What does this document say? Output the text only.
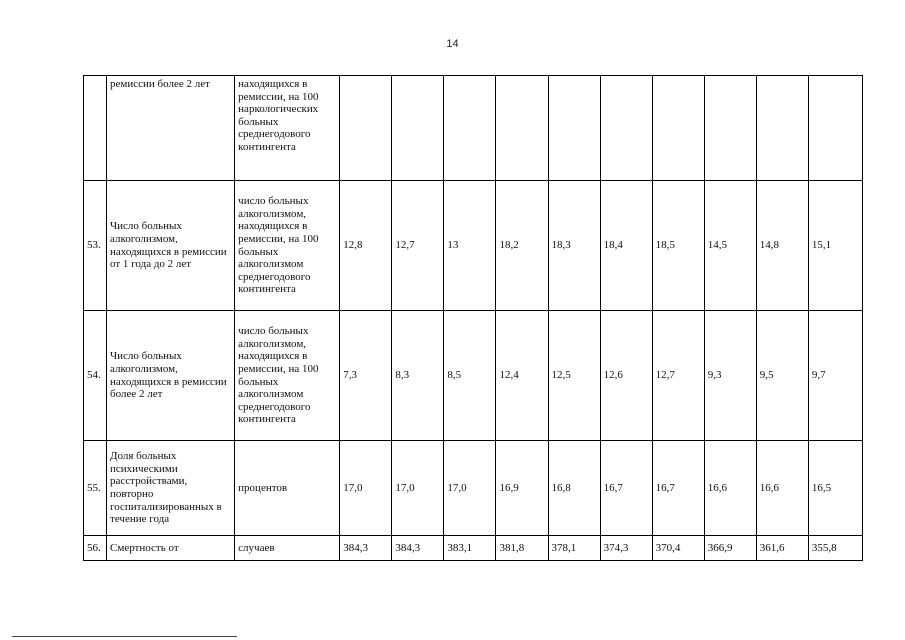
14
	ремиссии более 2 лет	находящихся в ремиссии, на 100 наркологических больных среднегодового контингента										
53.	Число больных алкоголизмом, находящихся в ремиссии от 1 года до 2 лет	число больных алкоголизмом, находящихся в ремиссии, на 100 больных алкоголизмом среднегодового контингента	12,8	12,7	13	18,2	18,3	18,4	18,5	14,5	14,8	15,1
54.	Число больных алкоголизмом, находящихся в ремиссии более 2 лет	число больных алкоголизмом, находящихся в ремиссии, на 100 больных алкоголизмом среднегодового контингента	7,3	8,3	8,5	12,4	12,5	12,6	12,7	9,3	9,5	9,7
55.	Доля больных психическими расстройствами, повторно госпитализированных в течение года	процентов	17,0	17,0	17,0	16,9	16,8	16,7	16,7	16,6	16,6	16,5
56.	Смертность от	случаев	384,3	384,3	383,1	381,8	378,1	374,3	370,4	366,9	361,6	355,8
